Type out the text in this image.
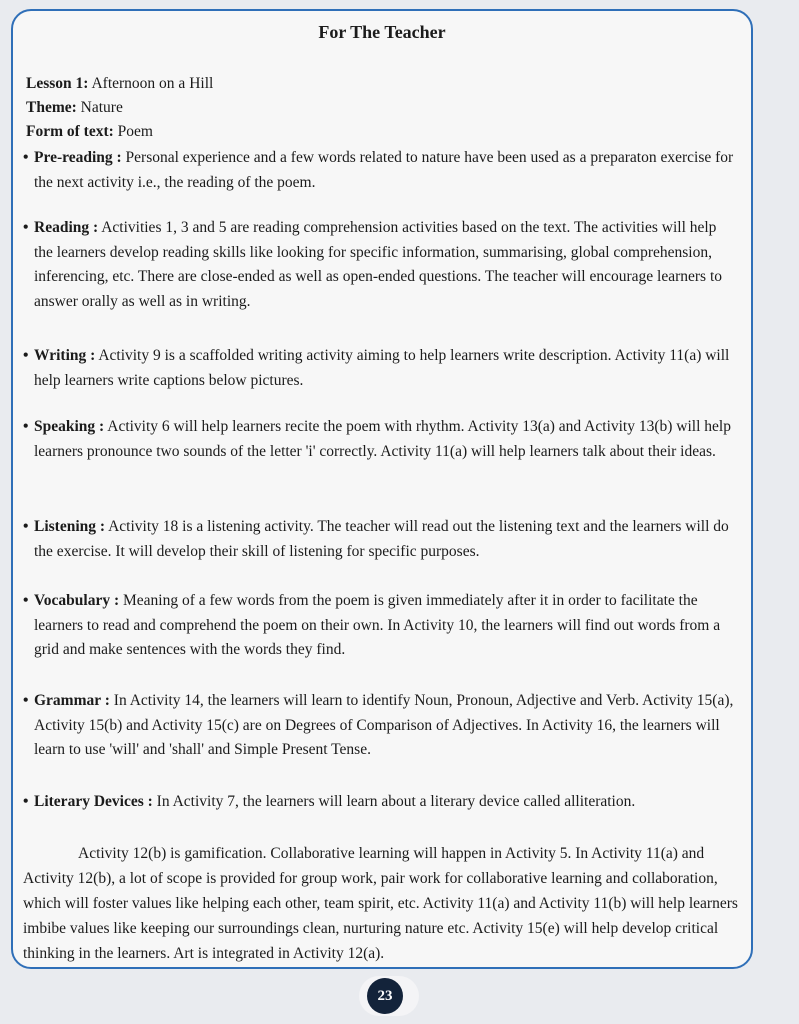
For The Teacher
Lesson 1: Afternoon on a Hill
Theme: Nature
Form of text: Poem
• Pre-reading : Personal experience and a few words related to nature have been used as a preparaton exercise for the next activity i.e., the reading of the poem.
• Reading : Activities 1, 3 and 5 are reading comprehension activities based on the text. The activities will help the learners develop reading skills like looking for specific information, summarising, global comprehension, inferencing, etc. There are close-ended as well as open-ended questions. The teacher will encourage learners to answer orally as well as in writing.
• Writing : Activity 9 is a scaffolded writing activity aiming to help learners write description. Activity 11(a) will help learners write captions below pictures.
• Speaking : Activity 6 will help learners recite the poem with rhythm. Activity 13(a) and Activity 13(b) will help learners pronounce two sounds of the letter 'i' correctly. Activity 11(a) will help learners talk about their ideas.
• Listening : Activity 18 is a listening activity. The teacher will read out the listening text and the learners will do the exercise. It will develop their skill of listening for specific purposes.
• Vocabulary : Meaning of a few words from the poem is given immediately after it in order to facilitate the learners to read and comprehend the poem on their own. In Activity 10, the learners will find out words from a grid and make sentences with the words they find.
• Grammar : In Activity 14, the learners will learn to identify Noun, Pronoun, Adjective and Verb. Activity 15(a), Activity 15(b) and Activity 15(c) are on Degrees of Comparison of Adjectives. In Activity 16, the learners will learn to use 'will' and 'shall' and Simple Present Tense.
• Literary Devices : In Activity 7, the learners will learn about a literary device called alliteration.
Activity 12(b) is gamification. Collaborative learning will happen in Activity 5. In Activity 11(a) and Activity 12(b), a lot of scope is provided for group work, pair work for collaborative learning and collaboration, which will foster values like helping each other, team spirit, etc. Activity 11(a) and Activity 11(b) will help learners imbibe values like keeping our surroundings clean, nurturing nature etc. Activity 15(e) will help develop critical thinking in the learners. Art is integrated in Activity 12(a).
23
